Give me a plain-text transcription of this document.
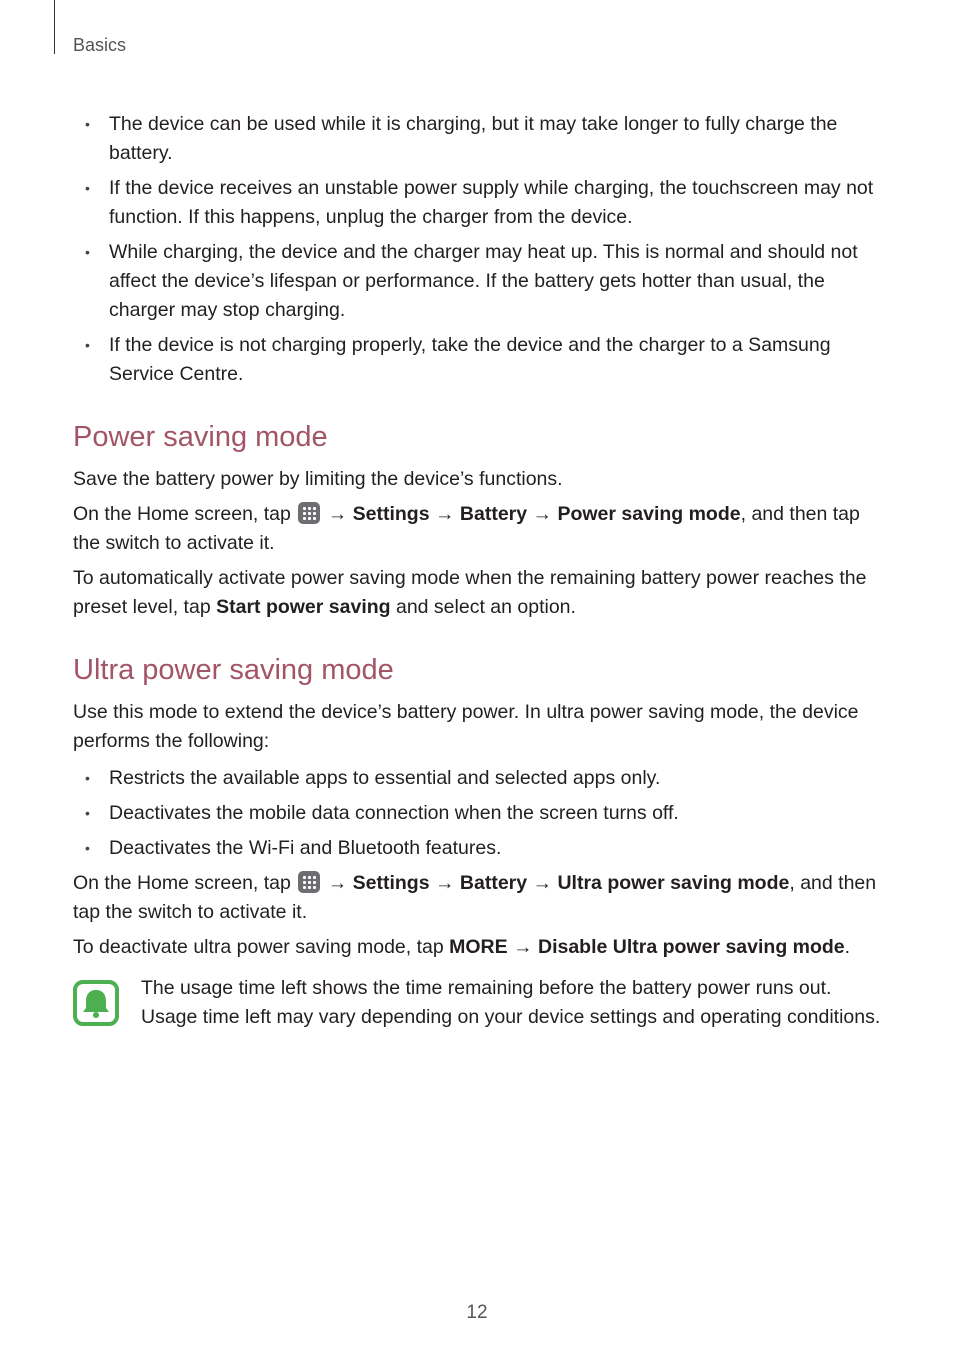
Basics
• The device can be used while it is charging, but it may take longer to fully charge the battery.
• If the device receives an unstable power supply while charging, the touchscreen may not function. If this happens, unplug the charger from the device.
• While charging, the device and the charger may heat up. This is normal and should not affect the device’s lifespan or performance. If the battery gets hotter than usual, the charger may stop charging.
• If the device is not charging properly, take the device and the charger to a Samsung Service Centre.
Power saving mode

Save the battery power by limiting the device’s functions.

On the Home screen, tap → Settings → Battery → Power saving mode, and then tap the switch to activate it.

To automatically activate power saving mode when the remaining battery power reaches the preset level, tap Start power saving and select an option.

Ultra power saving mode

Use this mode to extend the device’s battery power. In ultra power saving mode, the device performs the following:

• Restricts the available apps to essential and selected apps only.
• Deactivates the mobile data connection when the screen turns off.
• Deactivates the Wi-Fi and Bluetooth features.

On the Home screen, tap → Settings → Battery → Ultra power saving mode, and then tap the switch to activate it.

To deactivate ultra power saving mode, tap MORE → Disable Ultra power saving mode.

The usage time left shows the time remaining before the battery power runs out. Usage time left may vary depending on your device settings and operating conditions.
12
